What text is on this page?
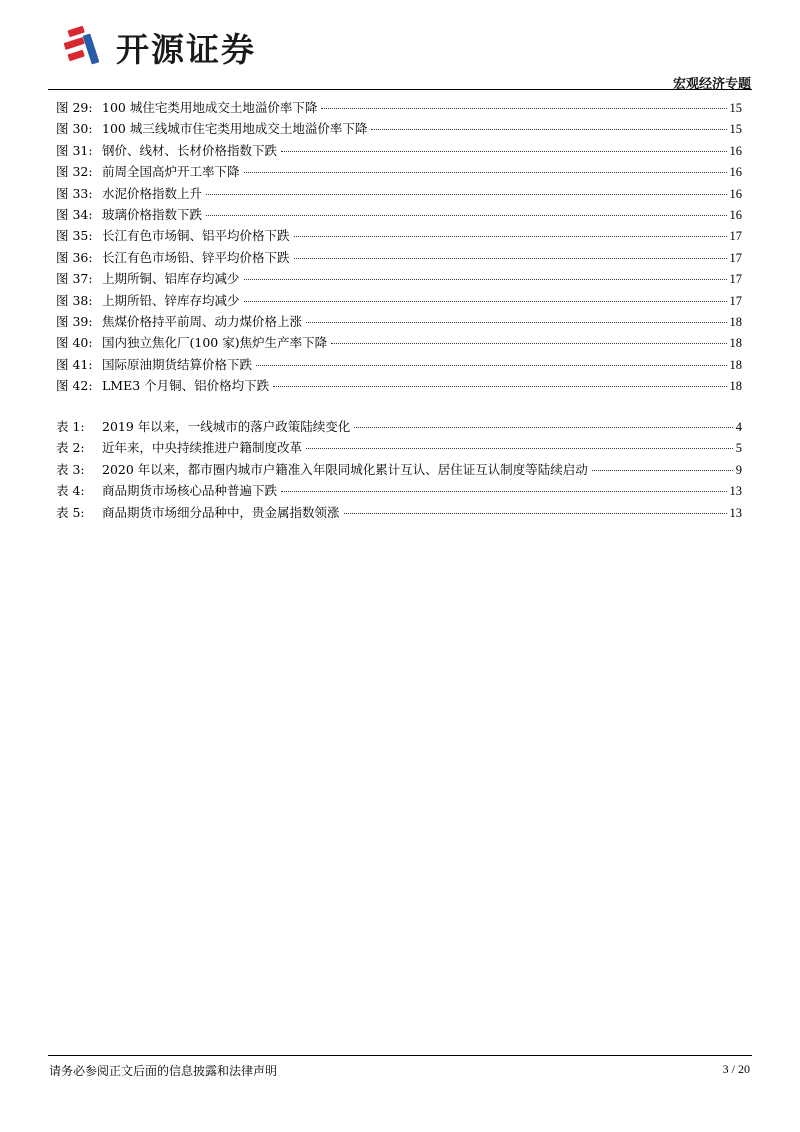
开源证券
宏观经济专题
图 29: 100 城住宅类用地成交土地溢价率下降	15
图 30: 100 城三线城市住宅类用地成交土地溢价率下降	15
图 31: 钢价、线材、长材价格指数下跌	16
图 32: 前周全国高炉开工率下降	16
图 33: 水泥价格指数上升	16
图 34: 玻璃价格指数下跌	16
图 35: 长江有色市场铜、铝平均价格下跌	17
图 36: 长江有色市场铅、锌平均价格下跌	17
图 37: 上期所铜、铝库存均减少	17
图 38: 上期所铅、锌库存均减少	17
图 39: 焦煤价格持平前周、动力煤价格上涨	18
图 40: 国内独立焦化厂(100 家)焦炉生产率下降	18
图 41: 国际原油期货结算价格下跌	18
图 42: LME3 个月铜、铝价格均下跌	18
表 1:	2019 年以来，一线城市的落户政策陆续变化	4
表 2:	近年来，中央持续推进户籍制度改革	5
表 3:	2020 年以来，都市圈内城市户籍准入年限同城化累计互认、居住证互认制度等陆续启动	9
表 4:	商品期货市场核心品种普遍下跌	13
表 5:	商品期货市场细分品种中，贵金属指数领涨	13
请务必参阅正文后面的信息披露和法律声明	3 / 20
